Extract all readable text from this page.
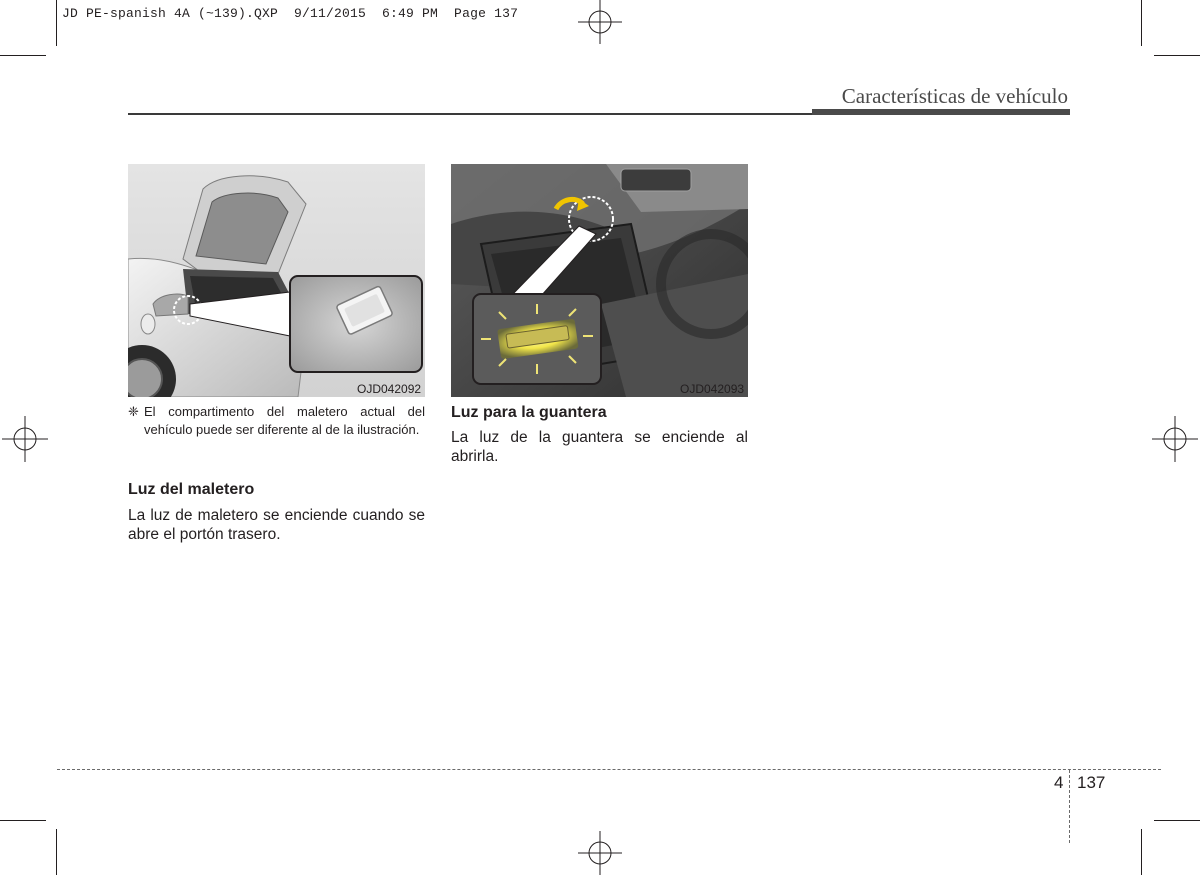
JD PE-spanish 4A (~139).QXP  9/11/2015  6:49 PM  Page 137
Características de vehículo
OJD042092
❈ El compartimento del maletero actual del vehículo puede ser diferente al de la ilustración.
Luz del maletero
La luz de maletero se enciende cuando se abre el portón trasero.
OJD042093
Luz para la guantera
La luz de la guantera se enciende al abrirla.
4 137
